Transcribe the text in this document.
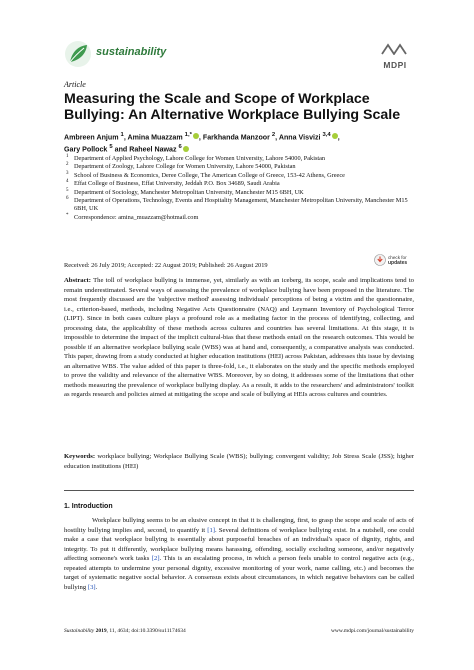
sustainability
MDPI
Article
Measuring the Scale and Scope of Workplace Bullying: An Alternative Workplace Bullying Scale
Ambreen Anjum $^1$, Amina Muazzam $^{1,*}$ , Farkhanda Manzoor $^2$, Anna Visvizi $^{3,4}$ ,
Gary Pollock $^5$ and Raheel Nawaz $^6$
1 Department of Applied Psychology, Lahore College for Women University, Lahore 54000, Pakistan
2 Department of Zoology, Lahore College for Women University, Lahore 54000, Pakistan
3 School of Business & Economics, Deree College, The American College of Greece, 153-42 Athens, Greece
4 Effat College of Business, Effat University, Jeddah P.O. Box 34689, Saudi Arabia
5 Department of Sociology, Manchester Metropolitan University, Manchester M15 6BH, UK
6 Department of Operations, Technology, Events and Hospitality Management, Manchester Metropolitan University, Manchester M15 6BH, UK
* Correspondence: amina_muazzam@hotmail.com
Received: 26 July 2019; Accepted: 22 August 2019; Published: 26 August 2019
check for
updates
Abstract: The toll of workplace bullying is immense, yet, similarly as with an iceberg, its scope, scale and implications tend to remain underestimated. Several ways of assessing the prevalence of workplace bullying have been proposed in the literature. The most frequently discussed are the 'subjective method' assessing individuals' perceptions of being a victim and the questionnaire, i.e., criterion-based, methods, including Negative Acts Questionnaire (NAQ) and Leymann Inventory of Psychological Terror (LIPT). Since in both cases culture plays a profound role as a mediating factor in the process of identifying, collecting, and processing data, the applicability of these methods across cultures and countries has several limitations. At this stage, it is impossible to determine the impact of the implicit cultural-bias that these methods entail on the research outcomes. This would be possible if an alternative workplace bullying scale (WBS) was at hand and, consequently, a comparative analysis was conducted. This paper, drawing from a study conducted at higher education institutions (HEI) across Pakistan, addresses this issue by devising an alternative WBS. The value added of this paper is three-fold, i.e., it elaborates on the study and the specific methods employed to prove the validity and relevance of the alternative WBS. Moreover, by so doing, it addresses some of the limitations that other methods measuring the prevalence of workplace bullying display. As a result, it adds to the researchers' and administrators' toolkit as regards research and policies aimed at mitigating the scope and scale of bullying at HEIs across cultures and countries.
Keywords: workplace bullying; Workplace Bullying Scale (WBS); bullying; convergent validity; Job Stress Scale (JSS); higher education institutions (HEI)
1. Introduction
Workplace bullying seems to be an elusive concept in that it is challenging, first, to grasp the scope and scale of acts of hostility bullying implies and, second, to quantify it [1]. Several definitions of workplace bullying exist. In a nutshell, one could make a case that workplace bullying is essentially about purposeful breaches of an individual's space of dignity, rights, and integrity. To put it differently, workplace bullying means harassing, offending, socially excluding someone, and/or negatively affecting someone's work tasks [2]. This is an escalating process, in which a person feels unable to control negative acts (e.g., repeated attempts to undermine your personal dignity, excessive monitoring of your work, name calling, etc.) and becomes the target of systematic negative social behavior. A consensus exists about circumstances, in which negative behaviors can be called bullying [3].
Sustainability 2019, 11, 4634; doi:10.3390/su11174634	www.mdpi.com/journal/sustainability
